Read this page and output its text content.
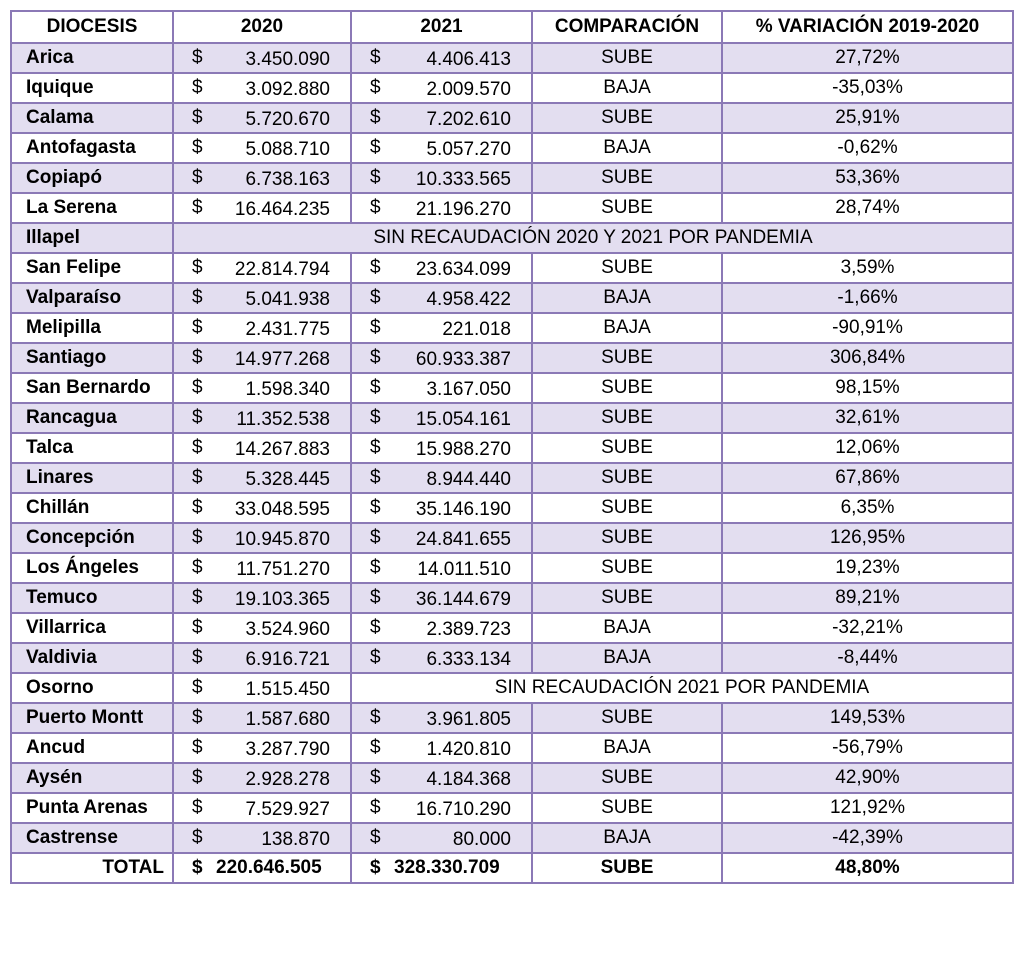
DIOCESIS	2020	2021	COMPARACIÓN	% VARIACIÓN 2019-2020
Arica	$ 3.450.090	$ 4.406.413	SUBE	27,72%
Iquique	$ 3.092.880	$ 2.009.570	BAJA	-35,03%
Calama	$ 5.720.670	$ 7.202.610	SUBE	25,91%
Antofagasta	$ 5.088.710	$ 5.057.270	BAJA	-0,62%
Copiapó	$ 6.738.163	$ 10.333.565	SUBE	53,36%
La Serena	$ 16.464.235	$ 21.196.270	SUBE	28,74%
Illapel	SIN RECAUDACIÓN 2020 Y 2021 POR PANDEMIA			
San Felipe	$ 22.814.794	$ 23.634.099	SUBE	3,59%
Valparaíso	$ 5.041.938	$ 4.958.422	BAJA	-1,66%
Melipilla	$ 2.431.775	$ 221.018	BAJA	-90,91%
Santiago	$ 14.977.268	$ 60.933.387	SUBE	306,84%
San Bernardo	$ 1.598.340	$ 3.167.050	SUBE	98,15%
Rancagua	$ 11.352.538	$ 15.054.161	SUBE	32,61%
Talca	$ 14.267.883	$ 15.988.270	SUBE	12,06%
Linares	$ 5.328.445	$ 8.944.440	SUBE	67,86%
Chillán	$ 33.048.595	$ 35.146.190	SUBE	6,35%
Concepción	$ 10.945.870	$ 24.841.655	SUBE	126,95%
Los Ángeles	$ 11.751.270	$ 14.011.510	SUBE	19,23%
Temuco	$ 19.103.365	$ 36.144.679	SUBE	89,21%
Villarrica	$ 3.524.960	$ 2.389.723	BAJA	-32,21%
Valdivia	$ 6.916.721	$ 6.333.134	BAJA	-8,44%
Osorno	$ 1.515.450	SIN RECAUDACIÓN 2021 POR PANDEMIA		
Puerto Montt	$ 1.587.680	$ 3.961.805	SUBE	149,53%
Ancud	$ 3.287.790	$ 1.420.810	BAJA	-56,79%
Aysén	$ 2.928.278	$ 4.184.368	SUBE	42,90%
Punta Arenas	$ 7.529.927	$ 16.710.290	SUBE	121,92%
Castrense	$ 138.870	$ 80.000	BAJA	-42,39%
TOTAL	$ 220.646.505	$ 328.330.709	SUBE	48,80%
